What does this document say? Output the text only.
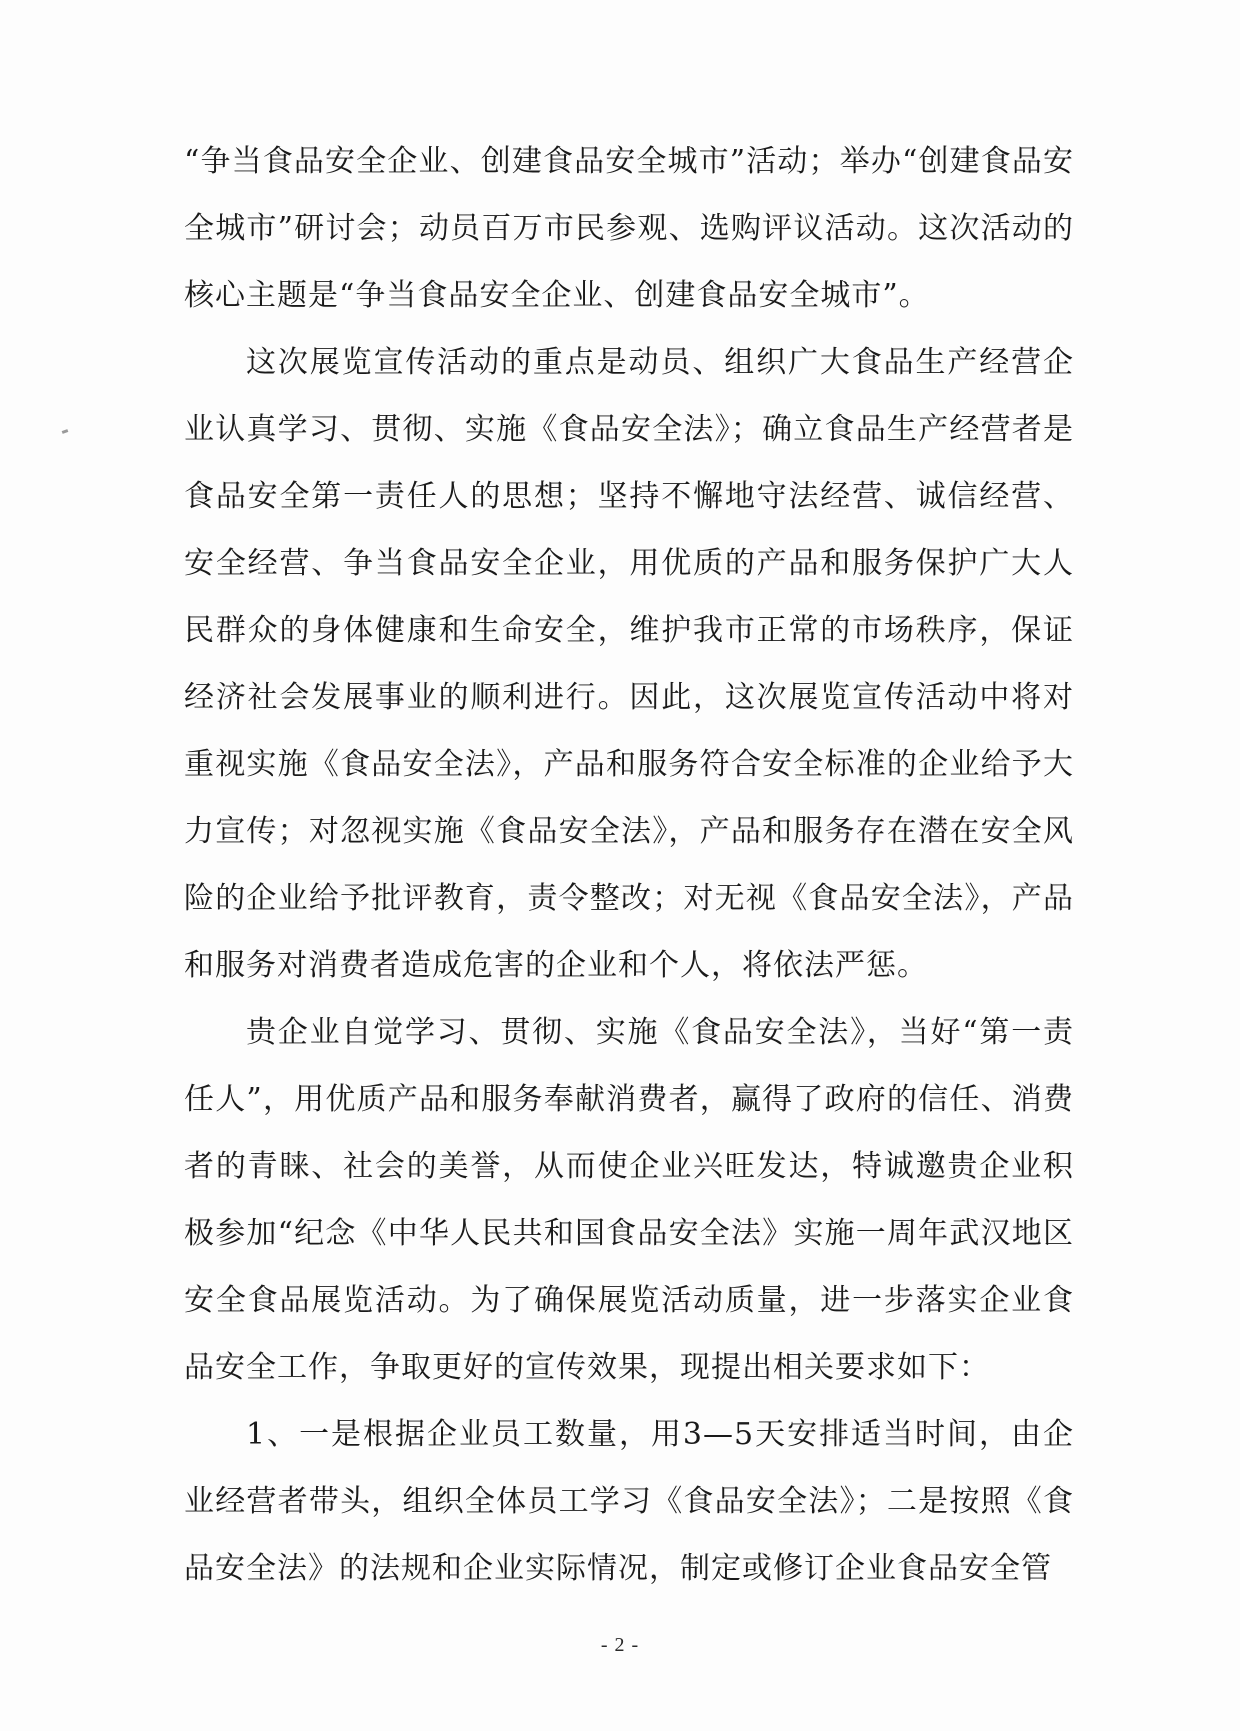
“争当食品安全企业、创建食品安全城市”活动；举办“创建食品安全城市”研讨会；动员百万市民参观、选购评议活动。这次活动的核心主题是“争当食品安全企业、创建食品安全城市”。

这次展览宣传活动的重点是动员、组织广大食品生产经营企业认真学习、贯彻、实施《食品安全法》；确立食品生产经营者是食品安全第一责任人的思想；坚持不懈地守法经营、诚信经营、安全经营、争当食品安全企业，用优质的产品和服务保护广大人民群众的身体健康和生命安全，维护我市正常的市场秩序，保证经济社会发展事业的顺利进行。因此，这次展览宣传活动中将对重视实施《食品安全法》，产品和服务符合安全标准的企业给予大力宣传；对忽视实施《食品安全法》，产品和服务存在潜在安全风险的企业给予批评教育，责令整改；对无视《食品安全法》，产品和服务对消费者造成危害的企业和个人，将依法严惩。

贵企业自觉学习、贯彻、实施《食品安全法》，当好“第一责任人”，用优质产品和服务奉献消费者，赢得了政府的信任、消费者的青睐、社会的美誉，从而使企业兴旺发达，特诚邀贵企业积极参加“纪念《中华人民共和国食品安全法》实施一周年武汉地区安全食品展览活动。为了确保展览活动质量，进一步落实企业食品安全工作，争取更好的宣传效果，现提出相关要求如下：

1、一是根据企业员工数量，用3—5天安排适当时间，由企业经营者带头，组织全体员工学习《食品安全法》；二是按照《食品安全法》的法规和企业实际情况，制定或修订企业食品安全管

- 2 -
